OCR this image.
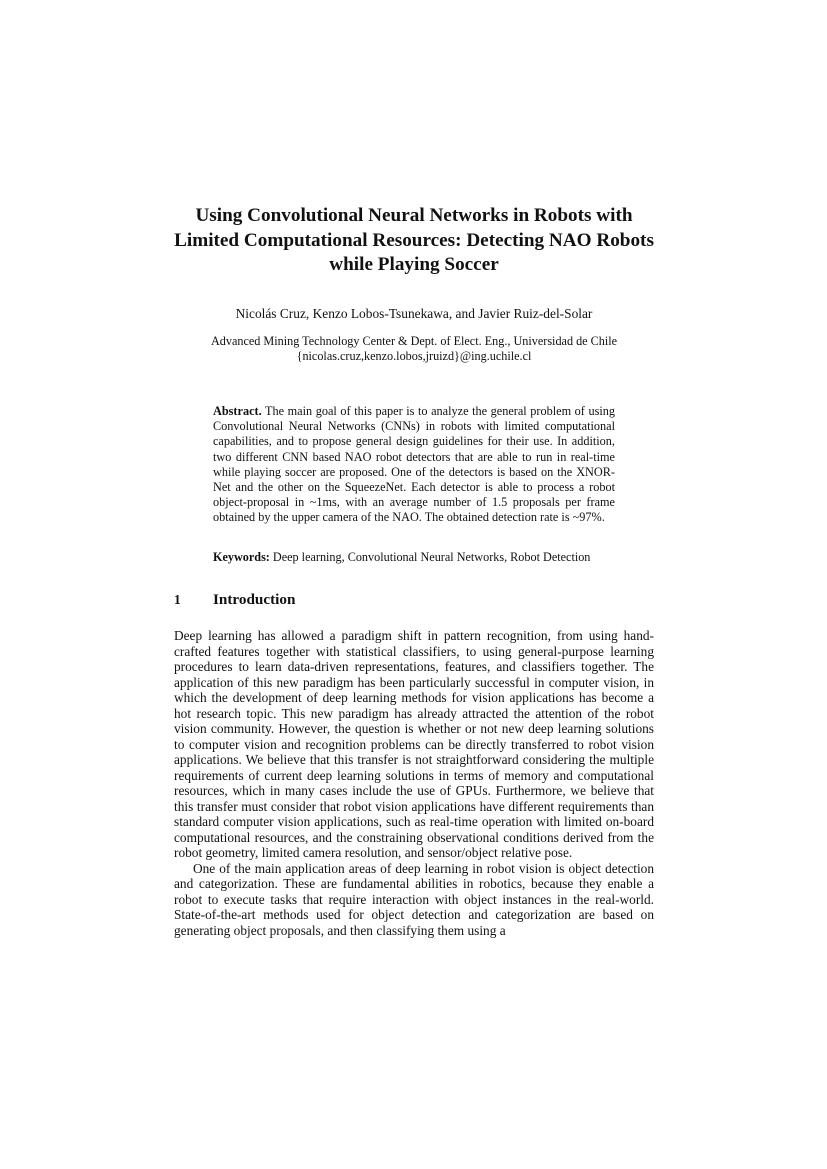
Using Convolutional Neural Networks in Robots with Limited Computational Resources: Detecting NAO Robots while Playing Soccer

Nicolás Cruz, Kenzo Lobos-Tsunekawa, and Javier Ruiz-del-Solar

Advanced Mining Technology Center & Dept. of Elect. Eng., Universidad de Chile
{nicolas.cruz,kenzo.lobos,jruizd}@ing.uchile.cl

Abstract. The main goal of this paper is to analyze the general problem of using Convolutional Neural Networks (CNNs) in robots with limited computational capabilities, and to propose general design guidelines for their use. In addition, two different CNN based NAO robot detectors that are able to run in real-time while playing soccer are proposed. One of the detectors is based on the XNOR-Net and the other on the SqueezeNet. Each detector is able to process a robot object-proposal in ~1ms, with an average number of 1.5 proposals per frame obtained by the upper camera of the NAO. The obtained detection rate is ~97%.

Keywords: Deep learning, Convolutional Neural Networks, Robot Detection

1 Introduction

Deep learning has allowed a paradigm shift in pattern recognition, from using hand-crafted features together with statistical classifiers, to using general-purpose learning procedures to learn data-driven representations, features, and classifiers together. The application of this new paradigm has been particularly successful in computer vision, in which the development of deep learning methods for vision applications has become a hot research topic. This new paradigm has already attracted the attention of the robot vision community. However, the question is whether or not new deep learning solutions to computer vision and recognition problems can be directly transferred to robot vision applications. We believe that this transfer is not straightforward considering the multiple requirements of current deep learning solutions in terms of memory and computational resources, which in many cases include the use of GPUs. Furthermore, we believe that this transfer must consider that robot vision applications have different requirements than standard computer vision applications, such as real-time operation with limited on-board computational resources, and the constraining observational conditions derived from the robot geometry, limited camera resolution, and sensor/object relative pose.

One of the main application areas of deep learning in robot vision is object detection and categorization. These are fundamental abilities in robotics, because they enable a robot to execute tasks that require interaction with object instances in the real-world. State-of-the-art methods used for object detection and categorization are based on generating object proposals, and then classifying them using a
